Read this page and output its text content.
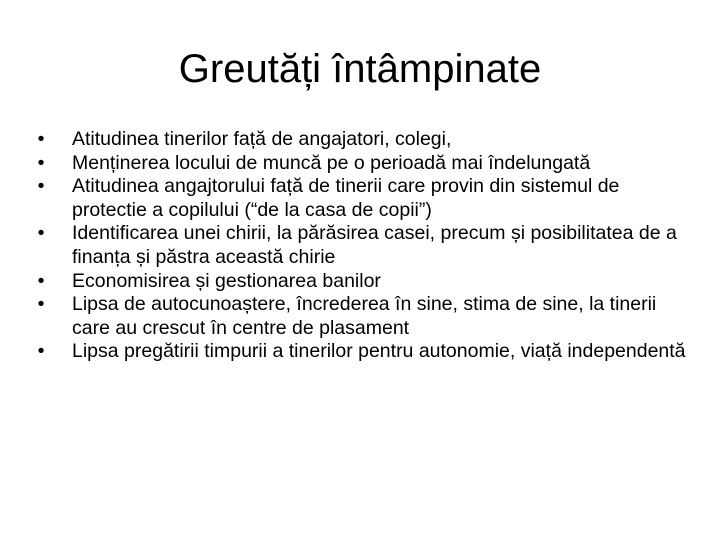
Greutăți întâmpinate
• Atitudinea tinerilor față de angajatori, colegi,
• Menținerea locului de muncă pe o perioadă mai îndelungată
• Atitudinea angajtorului față de tinerii care provin din sistemul de protectie a copilului (“de la casa de copii”)
• Identificarea unei chirii, la părăsirea casei, precum și posibilitatea de a finanța și păstra această chirie
• Economisirea și gestionarea banilor
• Lipsa de autocunoaștere, încrederea în sine, stima de sine, la tinerii care au crescut în centre de plasament
• Lipsa pregătirii timpurii a tinerilor pentru autonomie, viață independentă
